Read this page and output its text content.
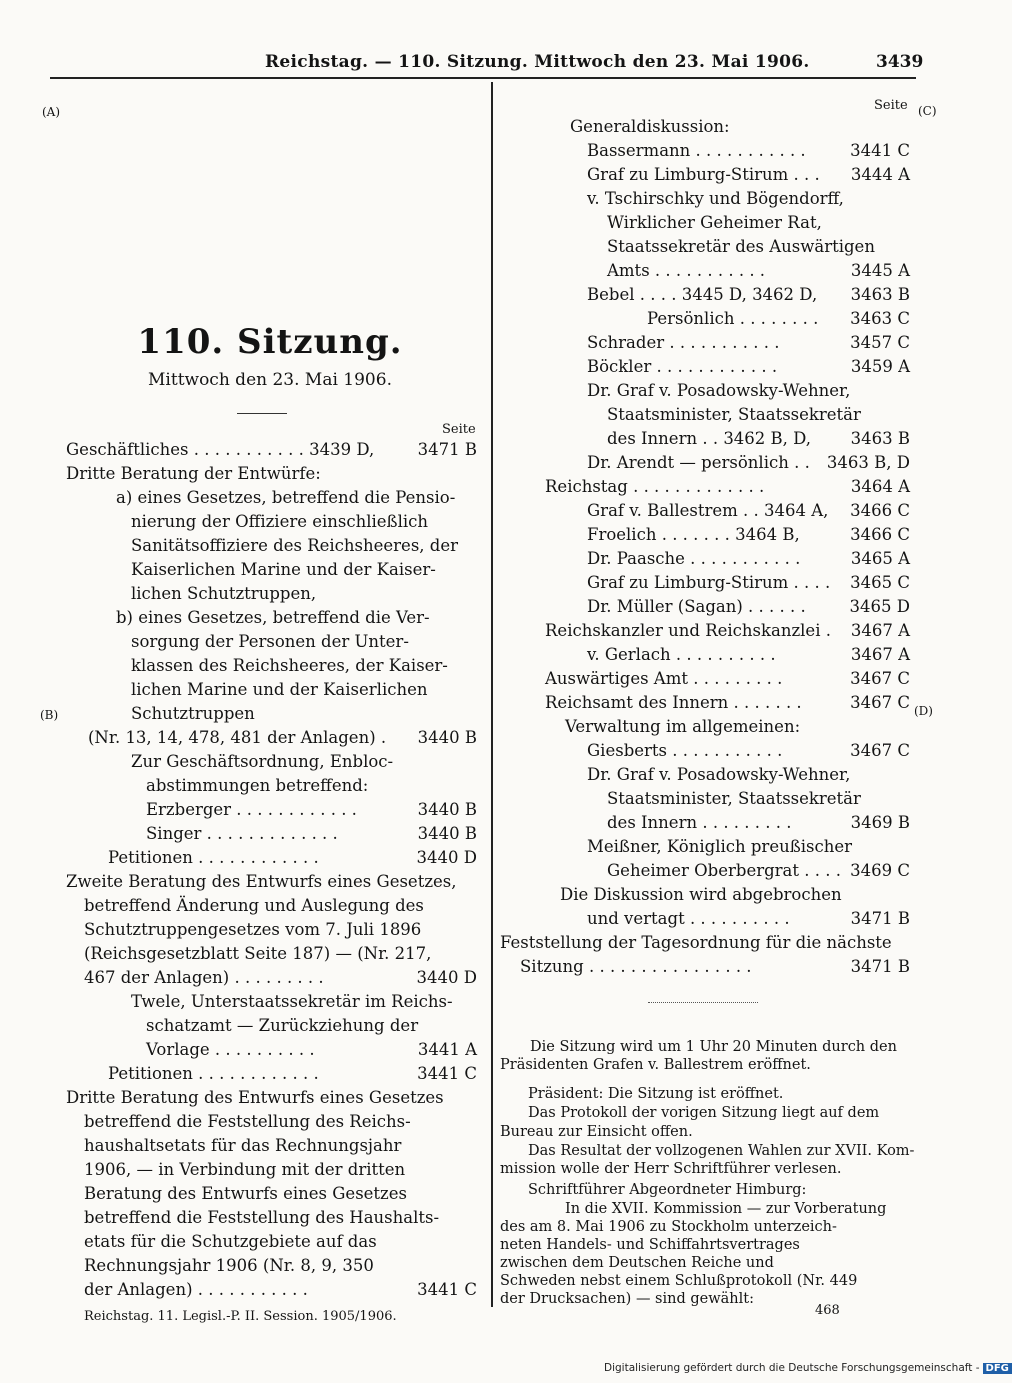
Reichstag. — 110. Sitzung. Mittwoch den 23. Mai 1906.	3439
(A)
(B)
(C)
(D)
110. Sitzung.
Mittwoch den 23. Mai 1906.
Seite
Seite
Geschäftliches . . . . . . . . . . . 3439 D,	3471 B
Dritte Beratung der Entwürfe:
a) eines Gesetzes, betreffend die Pensio-
nierung der Offiziere einschließlich
Sanitätsoffiziere des Reichsheeres, der
Kaiserlichen Marine und der Kaiser-
lichen Schutztruppen,
b) eines Gesetzes, betreffend die Ver-
sorgung der Personen der Unter-
klassen des Reichsheeres, der Kaiser-
lichen Marine und der Kaiserlichen
Schutztruppen
(Nr. 13, 14, 478, 481 der Anlagen) . 3440 B
Zur Geschäftsordnung, Enbloc-
abstimmungen betreffend:
Erzberger . . . . . . . . . . . .	3440 B
Singer . . . . . . . . . . . . .	3440 B
Petitionen . . . . . . . . . . . .	3440 D
Zweite Beratung des Entwurfs eines Gesetzes,
betreffend Änderung und Auslegung des
Schutztruppengesetzes vom 7. Juli 1896
(Reichsgesetzblatt Seite 187) — (Nr. 217,
467 der Anlagen) . . . . . . . . .	3440 D
Twele, Unterstaatssekretär im Reichs-
schatzamt — Zurückziehung der
Vorlage . . . . . . . . . .	3441 A
Petitionen . . . . . . . . . . . .	3441 C
Dritte Beratung des Entwurfs eines Gesetzes
betreffend die Feststellung des Reichs-
haushaltsetats für das Rechnungsjahr
1906, — in Verbindung mit der dritten
Beratung des Entwurfs eines Gesetzes
betreffend die Feststellung des Haushalts-
etats für die Schutzgebiete auf das
Rechnungsjahr 1906 (Nr. 8, 9, 350
der Anlagen) . . . . . . . . . . .	3441 C
Generaldiskussion:
Bassermann . . . . . . . . . . .	3441 C
Graf zu Limburg-Stirum . . . 3444 A
v. Tschirschky und Bögendorff,
Wirklicher Geheimer Rat,
Staatssekretär des Auswärtigen
Amts . . . . . . . . . . .	3445 A
Bebel . . . . 3445 D, 3462 D, 3463 B
Persönlich . . . . . . . . 3463 C
Schrader . . . . . . . . . . .	3457 C
Böckler . . . . . . . . . . . .	3459 A
Dr. Graf v. Posadowsky-Wehner,
Staatsminister, Staatssekretär
des Innern . . 3462 B, D, 3463 B
Dr. Arendt — persönlich . . 3463 B, D
Reichstag . . . . . . . . . . . . .	3464 A
Graf v. Ballestrem . . 3464 A, 3466 C
Froelich . . . . . . . 3464 B,	3466 C
Dr. Paasche . . . . . . . . . . .	3465 A
Graf zu Limburg-Stirum . . . . 3465 C
Dr. Müller (Sagan) . . . . . .	3465 D
Reichskanzler und Reichskanzlei . 3467 A
v. Gerlach . . . . . . . . . .	3467 A
Auswärtiges Amt . . . . . . . . .	3467 C
Reichsamt des Innern . . . . . . .	3467 C
Verwaltung im allgemeinen:
Giesberts . . . . . . . . . . .	3467 C
Dr. Graf v. Posadowsky-Wehner,
Staatsminister, Staatssekretär
des Innern . . . . . . . . .	3469 B
Meißner, Königlich preußischer
Geheimer Oberbergrat . . . . 3469 C
Die Diskussion wird abgebrochen
und vertagt . . . . . . . . . .	3471 B
Feststellung der Tagesordnung für die nächste
Sitzung . . . . . . . . . . . . . . . .	3471 B
Die Sitzung wird um 1 Uhr 20 Minuten durch den
Präsidenten Grafen v. Ballestrem eröffnet.
Präsident: Die Sitzung ist eröffnet.
Das Protokoll der vorigen Sitzung liegt auf dem
Bureau zur Einsicht offen.
Das Resultat der vollzogenen Wahlen zur XVII. Kom-
mission wolle der Herr Schriftführer verlesen.
Schriftführer Abgeordneter Himburg:
In die XVII. Kommission — zur Vorberatung
des am 8. Mai 1906 zu Stockholm unterzeich-
neten Handels- und Schiffahrtsvertrages
zwischen dem Deutschen Reiche und
Schweden nebst einem Schlußprotokoll (Nr. 449
der Drucksachen) — sind gewählt:
Reichstag. 11. Legisl.-P. II. Session. 1905/1906.	468
Digitalisierung gefördert durch die Deutsche Forschungsgemeinschaft - DFG
